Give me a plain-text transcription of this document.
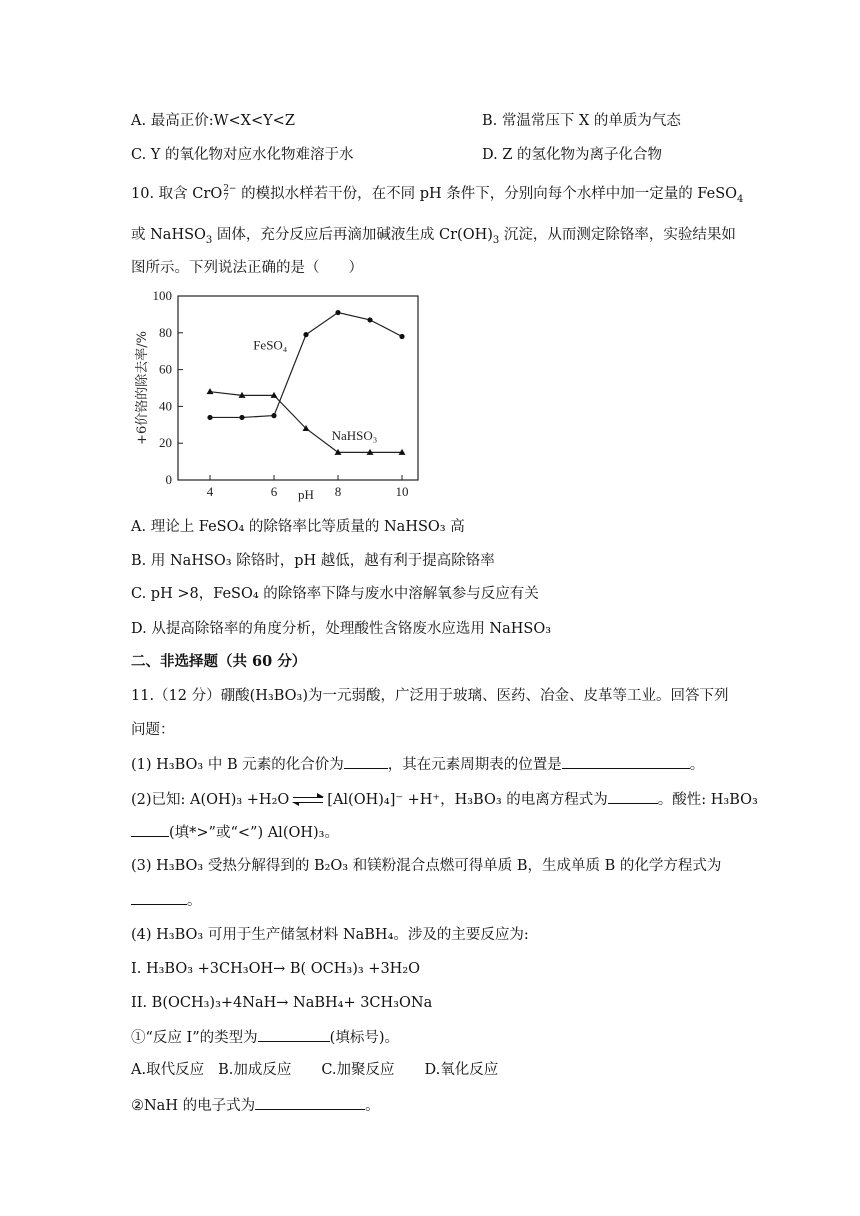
A. 最高正价:W<X<Y<Z	B. 常温常压下 X 的单质为气态
C. Y 的氧化物对应水化物难溶于水	D. Z 的氢化物为离子化合物
10. 取含 CrO2−
7 的模拟水样若干份，在不同 pH 条件下，分别向每个水样中加一定量的 FeSO$_4$
或 NaHSO$_3$ 固体，充分反应后再滴加碱液生成 $Cr(OH)_3$ 沉淀，从而测定除铬率，实验结果如
图所示。下列说法正确的是（　　）
0
20
40
60
80
100
4	6	8	10
pH
+6价铬的除去率/%	FeSO₄
NaHSO₃
A. 理论上 FeSO₄ 的除铬率比等质量的 NaHSO₃ 高
B. 用 NaHSO₃ 除铬时，pH 越低，越有利于提高除铬率
C. pH >8，FeSO₄ 的除铬率下降与废水中溶解氧参与反应有关
D. 从提高除铬率的角度分析，处理酸性含铬废水应选用 NaHSO₃
二、非选择题（共 60 分）
11.（12 分）硼酸(H₃BO₃)为一元弱酸，广泛用于玻璃、医药、冶金、皮革等工业。回答下列
问题：
(1) H₃BO₃ 中 B 元素的化合价为	，其在元素周期表的位置是	。
(2)已知: A(OH)₃ +H₂O ⇌ [Al(OH)₄]⁻ +H⁺，H₃BO₃ 的电离方程式为	。酸性: H₃BO₃
(填*>”或“<”) Al(OH)₃。
(3) H₃BO₃ 受热分解得到的 B₂O₃ 和镁粉混合点燃可得单质 B，生成单质 B 的化学方程式为
。
(4) H₃BO₃ 可用于生产储氢材料 NaBH₄。涉及的主要反应为:
I. H₃BO₃ +3CH₃OH→ B( OCH₃)₃ +3H₂O
II. B(OCH₃)₃+4NaH→ NaBH₄+ 3CH₃ONa
①“反应 I”的类型为	(填标号)。
A.取代反应 B.加成反应 C.加聚反应 D.氧化反应
②NaH 的电子式为	。
